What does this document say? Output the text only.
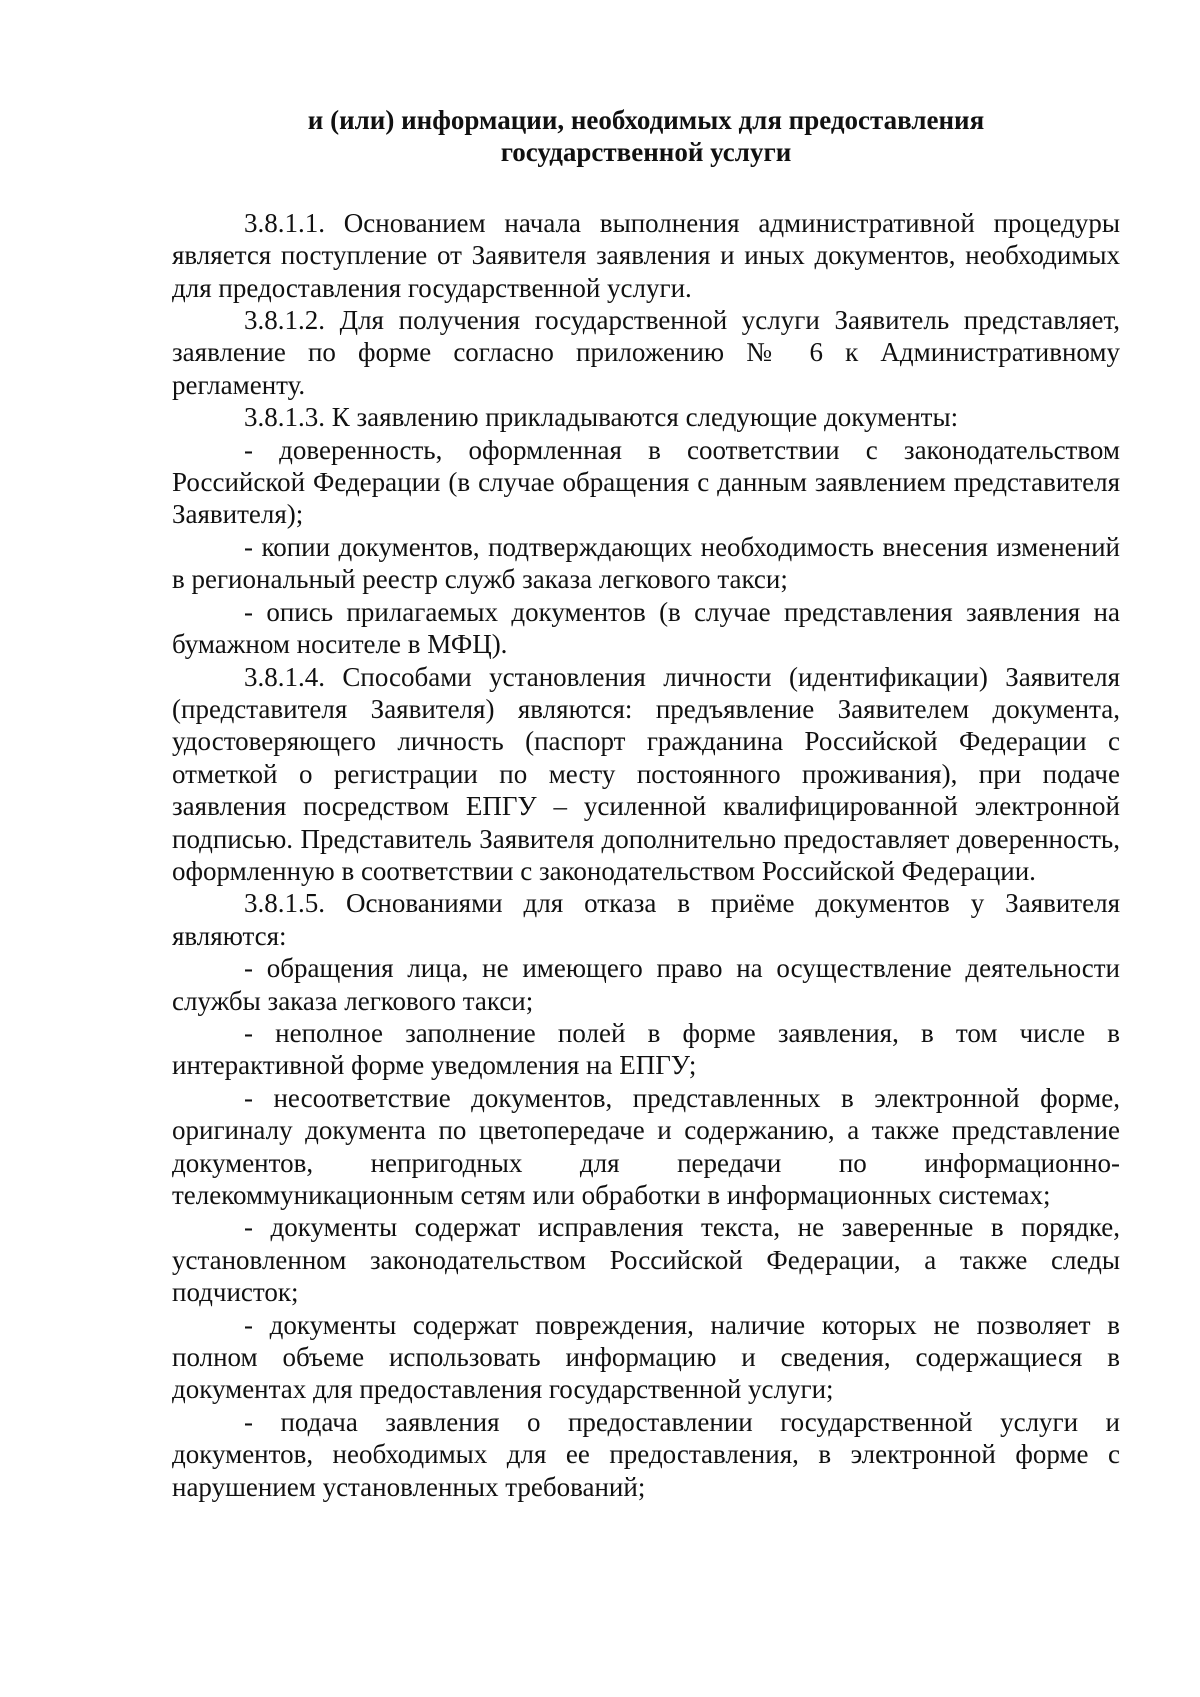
и (или) информации, необходимых для предоставления
государственной услуги

3.8.1.1. Основанием начала выполнения административной процедуры является поступление от Заявителя заявления и иных документов, необходимых для предоставления государственной услуги.

3.8.1.2. Для получения государственной услуги Заявитель представляет, заявление по форме согласно приложению № 6 к Административному регламенту.

3.8.1.3. К заявлению прикладываются следующие документы:

- доверенность, оформленная в соответствии с законодательством Российской Федерации (в случае обращения с данным заявлением представителя Заявителя);

- копии документов, подтверждающих необходимость внесения изменений в региональный реестр служб заказа легкового такси;

- опись прилагаемых документов (в случае представления заявления на бумажном носителе в МФЦ).

3.8.1.4. Способами установления личности (идентификации) Заявителя (представителя Заявителя) являются: предъявление Заявителем документа, удостоверяющего личность (паспорт гражданина Российской Федерации с отметкой о регистрации по месту постоянного проживания), при подаче заявления посредством ЕПГУ – усиленной квалифицированной электронной подписью. Представитель Заявителя дополнительно предоставляет доверенность, оформленную в соответствии с законодательством Российской Федерации.

3.8.1.5. Основаниями для отказа в приёме документов у Заявителя являются:

- обращения лица, не имеющего право на осуществление деятельности службы заказа легкового такси;

- неполное заполнение полей в форме заявления, в том числе в интерактивной форме уведомления на ЕПГУ;

- несоответствие документов, представленных в электронной форме, оригиналу документа по цветопередаче и содержанию, а также представление документов, непригодных для передачи по информационно-телекоммуникационным сетям или обработки в информационных системах;

- документы содержат исправления текста, не заверенные в порядке, установленном законодательством Российской Федерации, а также следы подчисток;

- документы содержат повреждения, наличие которых не позволяет в полном объеме использовать информацию и сведения, содержащиеся в документах для предоставления государственной услуги;

- подача заявления о предоставлении государственной услуги и документов, необходимых для ее предоставления, в электронной форме с нарушением установленных требований;
